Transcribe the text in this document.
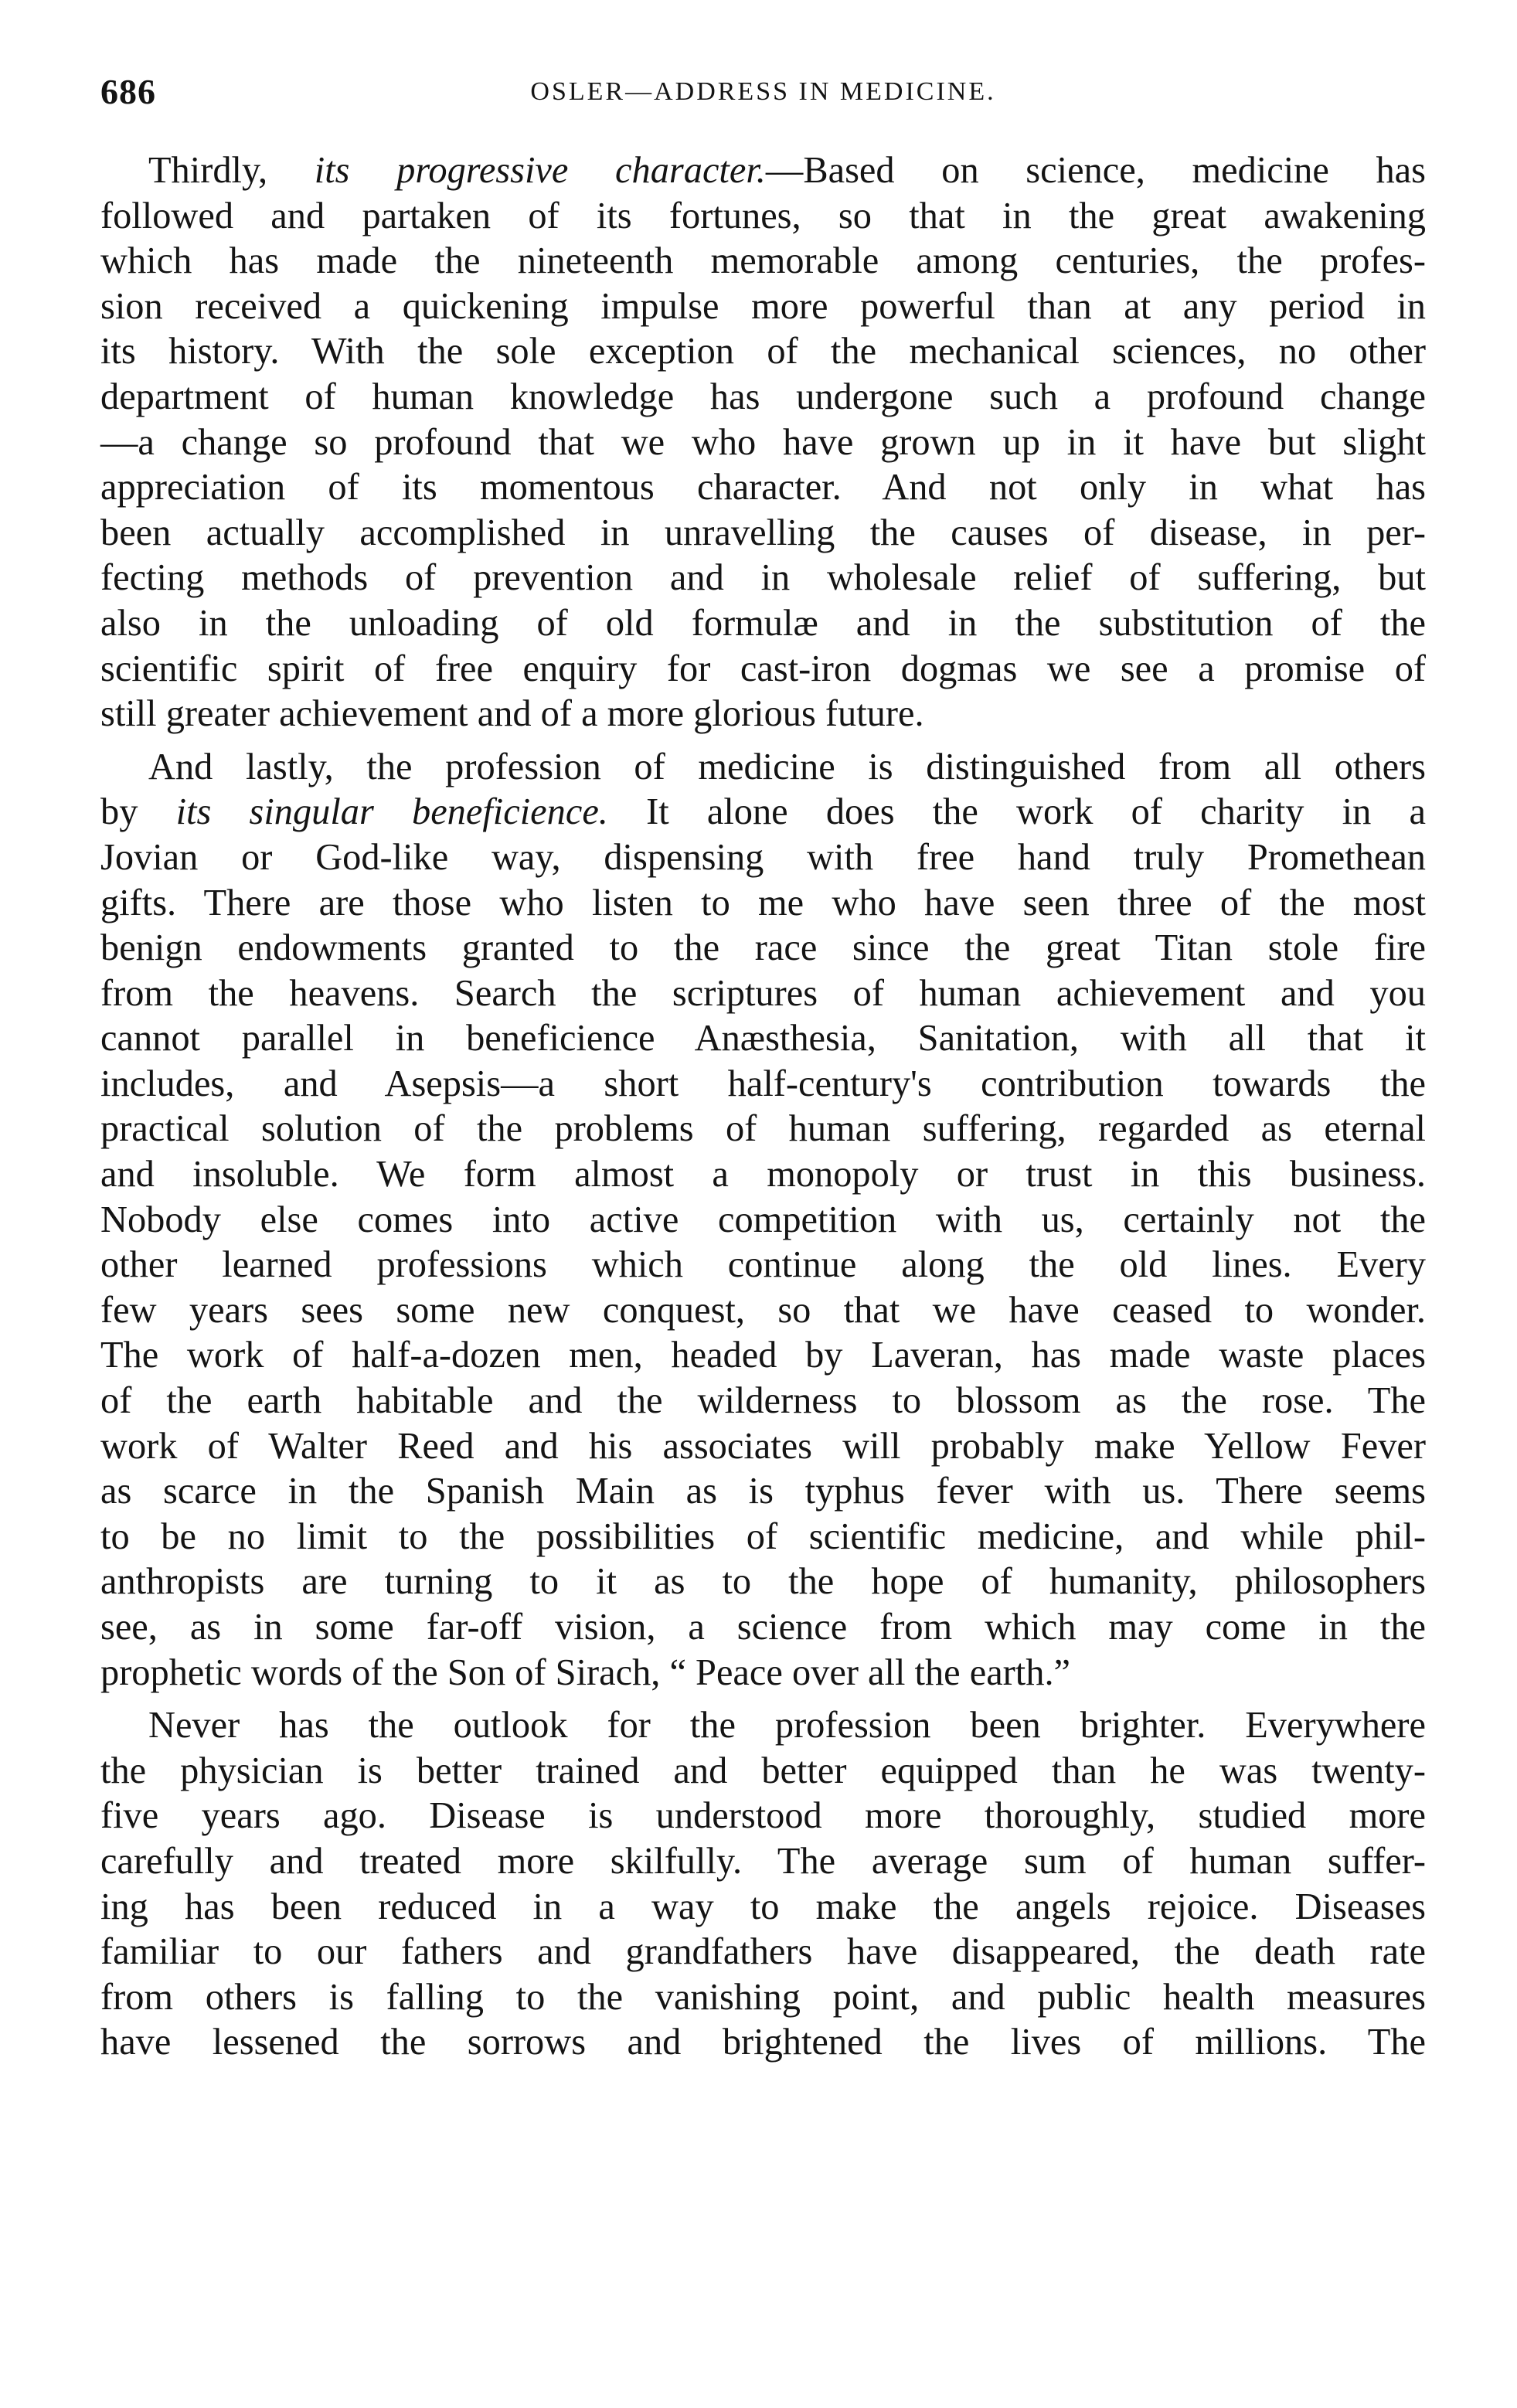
686	OSLER—ADDRESS IN MEDICINE.
Thirdly, its progressive character.—Based on science, medicine has
followed and partaken of its fortunes, so that in the great awakening
which has made the nineteenth memorable among centuries, the profes-
sion received a quickening impulse more powerful than at any period in
its history. With the sole exception of the mechanical sciences, no other
department of human knowledge has undergone such a profound change
—a change so profound that we who have grown up in it have but slight
appreciation of its momentous character. And not only in what has
been actually accomplished in unravelling the causes of disease, in per-
fecting methods of prevention and in wholesale relief of suffering, but
also in the unloading of old formulæ and in the substitution of the
scientific spirit of free enquiry for cast-iron dogmas we see a promise of
still greater achievement and of a more glorious future.
And lastly, the profession of medicine is distinguished from all others
by its singular beneficience. It alone does the work of charity in a
Jovian or God-like way, dispensing with free hand truly Promethean
gifts. There are those who listen to me who have seen three of the most
benign endowments granted to the race since the great Titan stole fire
from the heavens. Search the scriptures of human achievement and you
cannot parallel in beneficience Anæsthesia, Sanitation, with all that it
includes, and Asepsis—a short half-century's contribution towards the
practical solution of the problems of human suffering, regarded as eternal
and insoluble. We form almost a monopoly or trust in this business.
Nobody else comes into active competition with us, certainly not the
other learned professions which continue along the old lines. Every
few years sees some new conquest, so that we have ceased to wonder.
The work of half-a-dozen men, headed by Laveran, has made waste places
of the earth habitable and the wilderness to blossom as the rose. The
work of Walter Reed and his associates will probably make Yellow Fever
as scarce in the Spanish Main as is typhus fever with us. There seems
to be no limit to the possibilities of scientific medicine, and while phil-
anthropists are turning to it as to the hope of humanity, philosophers
see, as in some far-off vision, a science from which may come in the
prophetic words of the Son of Sirach, “ Peace over all the earth.”
Never has the outlook for the profession been brighter. Everywhere
the physician is better trained and better equipped than he was twenty-
five years ago. Disease is understood more thoroughly, studied more
carefully and treated more skilfully. The average sum of human suffer-
ing has been reduced in a way to make the angels rejoice. Diseases
familiar to our fathers and grandfathers have disappeared, the death rate
from others is falling to the vanishing point, and public health measures
have lessened the sorrows and brightened the lives of millions. The
